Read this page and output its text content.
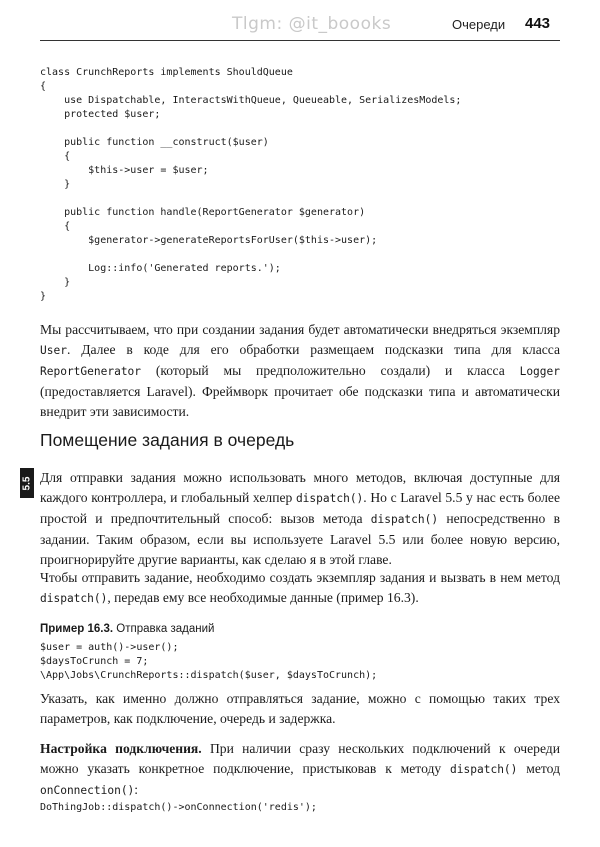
Tlgm: @it_boooks	Очереди 443
class CrunchReports implements ShouldQueue
{
use Dispatchable, InteractsWithQueue, Queueable, SerializesModels;
protected $user;
public function __construct($user)
{
$this->user = $user;
}
public function handle(ReportGenerator $generator)
{
$generator->generateReportsForUser($this->user);
Log::info('Generated reports.');
}
}

Мы рассчитываем, что при создании задания будет автоматически внедряться экземпляр User. Далее в коде для его обработки размещаем подсказки типа для класса ReportGenerator (который мы предположительно создали) и класса Logger (предоставляется Laravel). Фреймворк прочитает обе подсказки типа и автоматически внедрит эти зависимости.

Помещение задания в очередь
5.5 Для отправки задания можно использовать много методов, включая доступные для каждого контроллера, и глобальный хелпер dispatch(). Но с Laravel 5.5 у нас есть более простой и предпочтительный способ: вызов метода dispatch() непосредственно в задании. Таким образом, если вы используете Laravel 5.5 или более новую версию, проигнорируйте другие варианты, как сделаю я в этой главе.

Чтобы отправить задание, необходимо создать экземпляр задания и вызвать в нем метод dispatch(), передав ему все необходимые данные (пример 16.3).

Пример 16.3. Отправка заданий
$user = auth()->user();
$daysToCrunch = 7;
\App\Jobs\CrunchReports::dispatch($user, $daysToCrunch);

Указать, как именно должно отправляться задание, можно с помощью таких трех параметров, как подключение, очередь и задержка.

Настройка подключения. При наличии сразу нескольких подключений к очереди можно указать конкретное подключение, пристыковав к методу dispatch() метод onConnection():

DoThingJob::dispatch()->onConnection('redis');
